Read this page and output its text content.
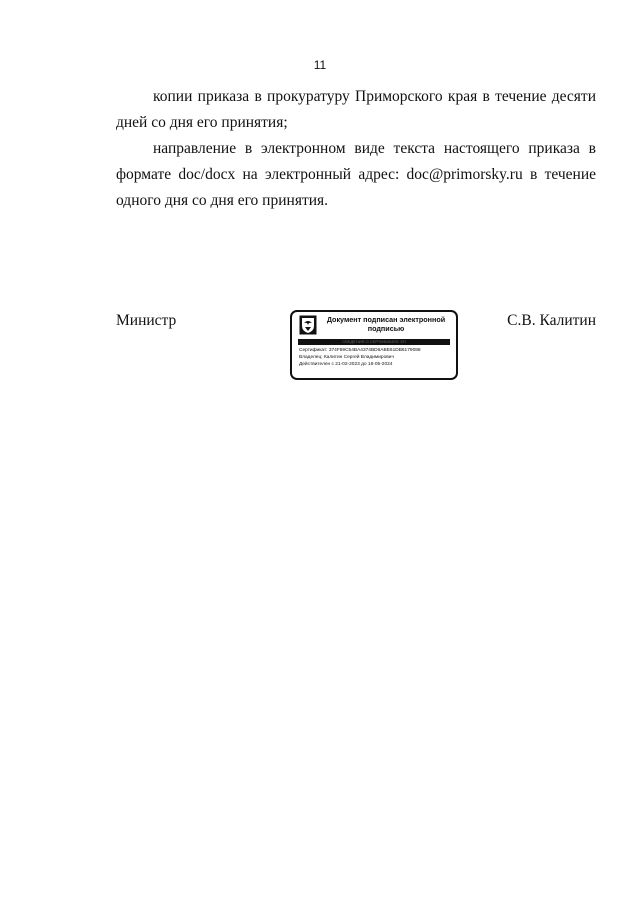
11

копии приказа в прокуратуру Приморского края в течение десяти дней со дня его принятия;

направление в электронном виде текста настоящего приказа в формате doc/docx на электронный адрес: doc@primorsky.ru в течение одного дня со дня его принятия.

Министр	Документ подписан электронной подписью
СВЕДЕНИЯ О СЕРТИФИКАТЕ ЭП
Сертификат: 374F59C54BA4374BD6ABE61DB6179088
Владелец: Калитин Сергей Владимирович
Действителен с 21-02-2023 до 16-05-2024
С.В. Калитин
